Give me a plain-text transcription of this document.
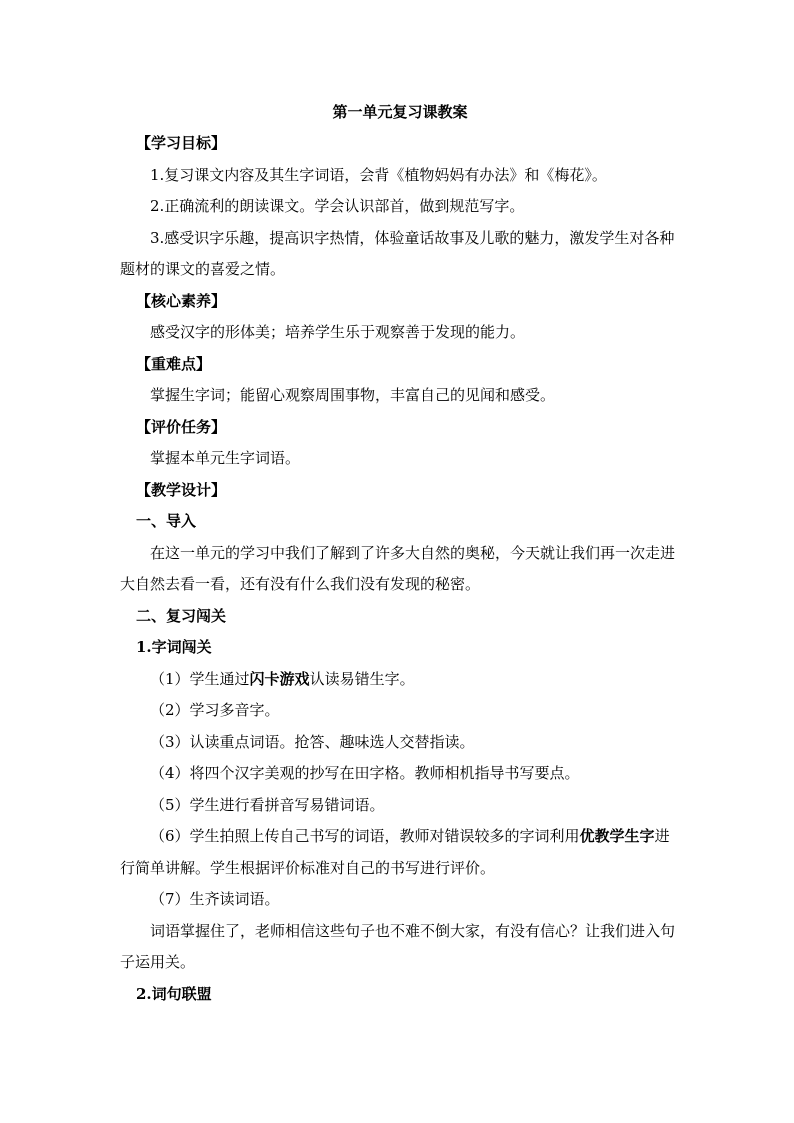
第一单元复习课教案

【学习目标】

1.复习课文内容及其生字词语，会背《植物妈妈有办法》和《梅花》。

2.正确流利的朗读课文。学会认识部首，做到规范写字。

3.感受识字乐趣，提高识字热情，体验童话故事及儿歌的魅力，激发学生对各种题材的课文的喜爱之情。

【核心素养】

感受汉字的形体美；培养学生乐于观察善于发现的能力。

【重难点】

掌握生字词；能留心观察周围事物，丰富自己的见闻和感受。

【评价任务】

掌握本单元生字词语。

【教学设计】

一、导入

在这一单元的学习中我们了解到了许多大自然的奥秘，今天就让我们再一次走进大自然去看一看，还有没有什么我们没有发现的秘密。

二、复习闯关

1.字词闯关

（1）学生通过闪卡游戏认读易错生字。

（2）学习多音字。

（3）认读重点词语。抢答、趣味选人交替指读。

（4）将四个汉字美观的抄写在田字格。教师相机指导书写要点。

（5）学生进行看拼音写易错词语。

（6）学生拍照上传自己书写的词语，教师对错误较多的字词利用优教学生字进行简单讲解。学生根据评价标准对自己的书写进行评价。

（7）生齐读词语。

词语掌握住了，老师相信这些句子也不难不倒大家，有没有信心？让我们进入句子运用关。

2.词句联盟
